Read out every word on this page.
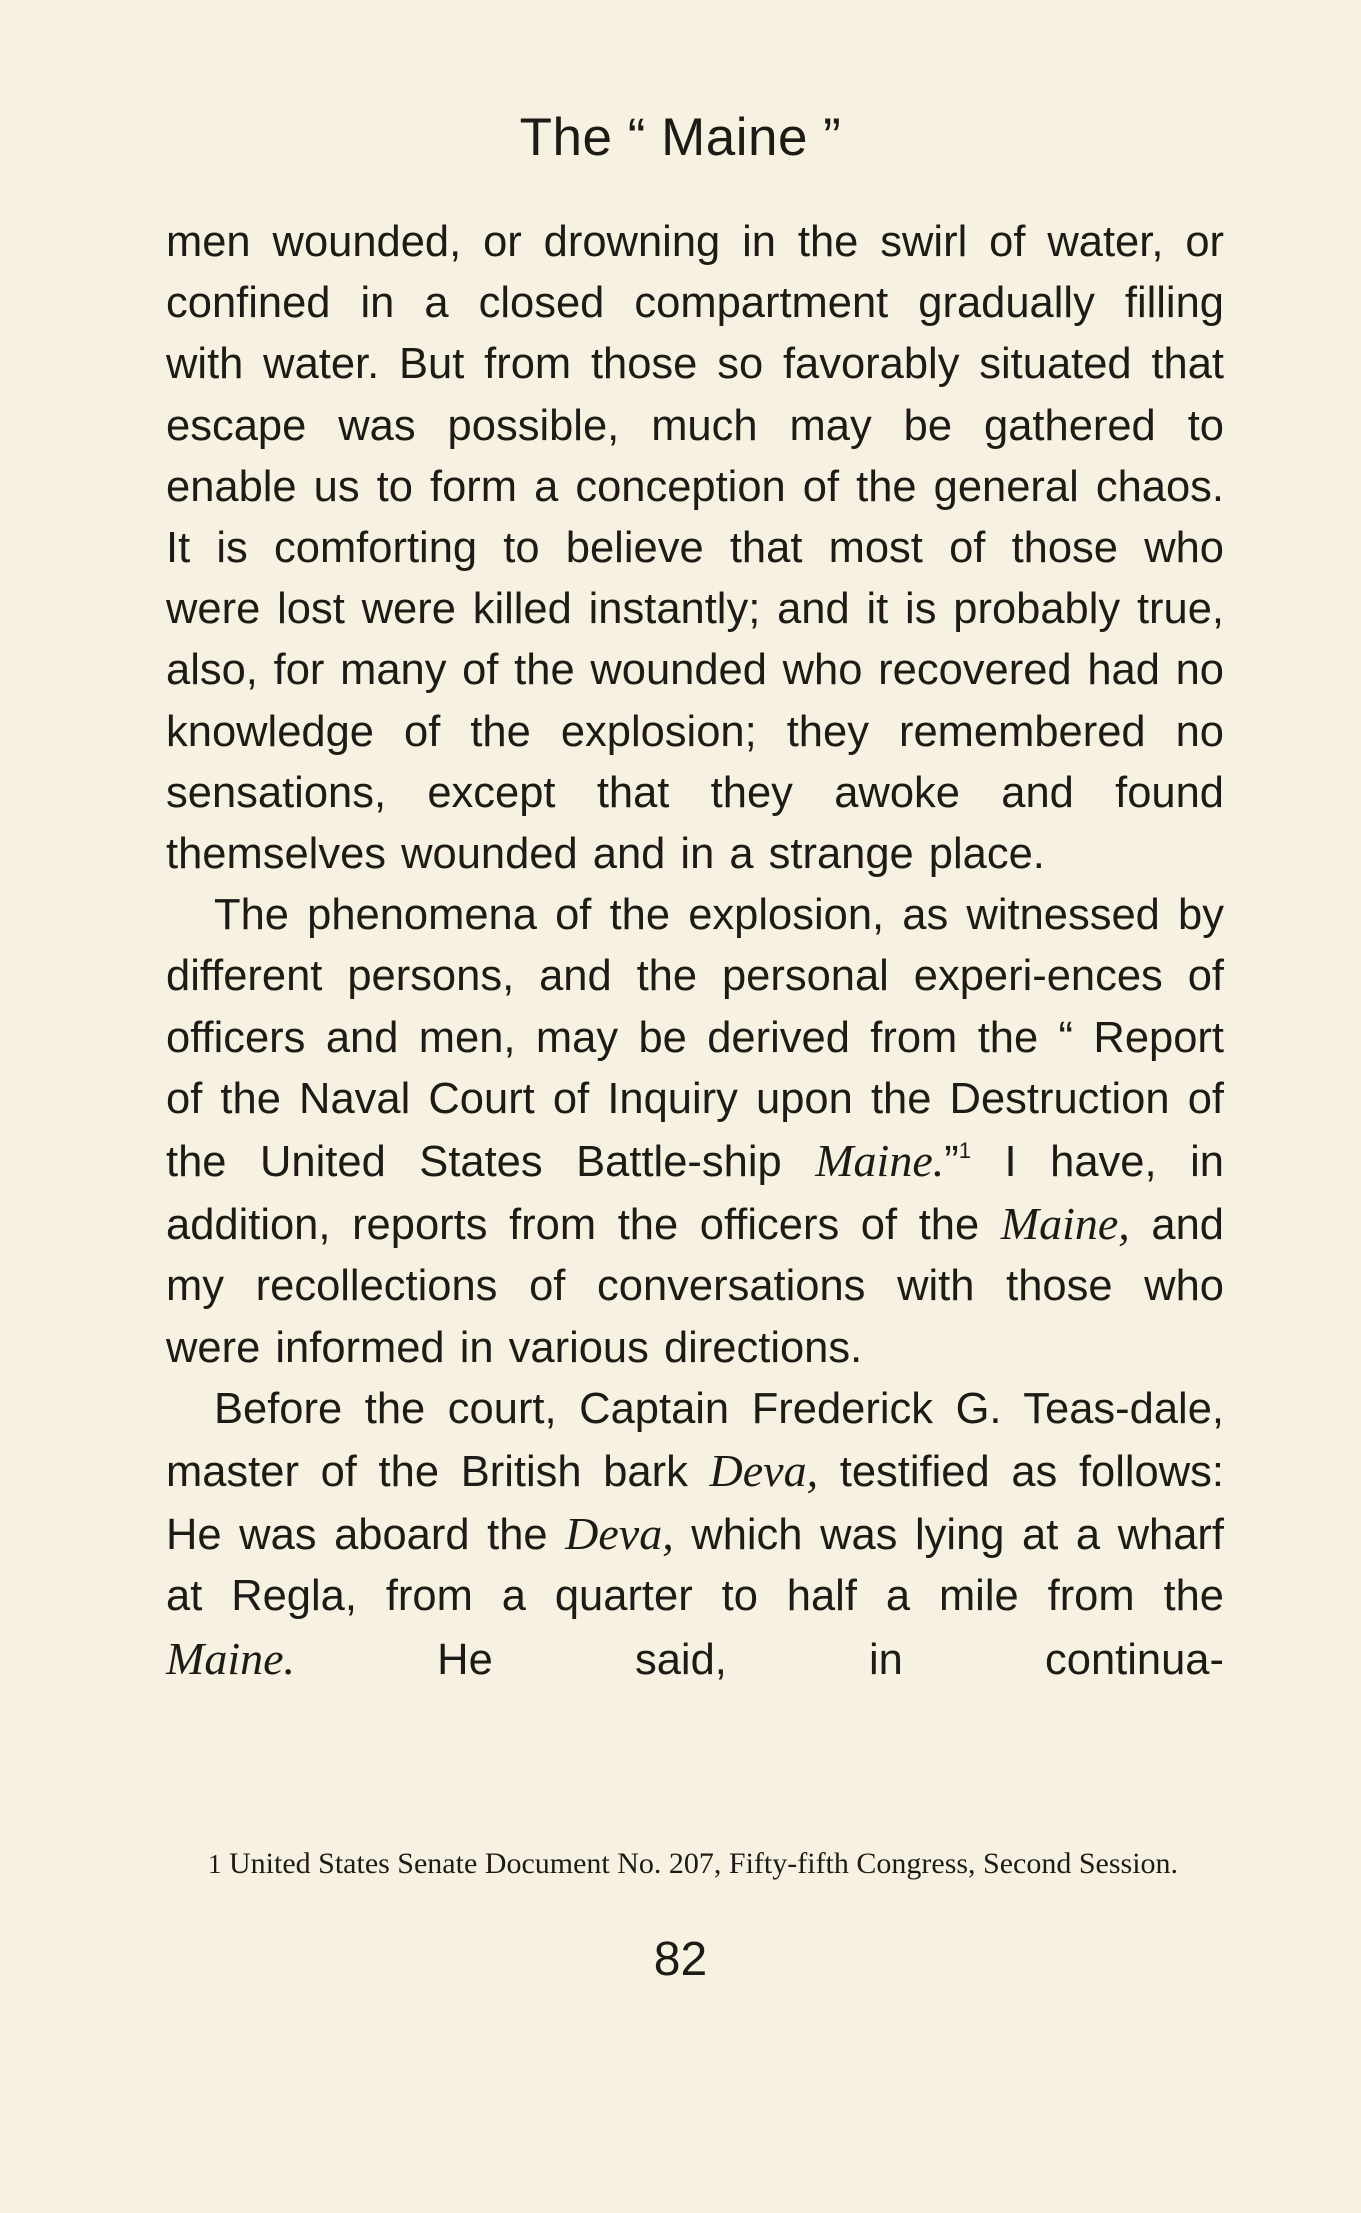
The “ Maine ”

men wounded, or drowning in the swirl of water, or confined in a closed compartment gradually filling with water. But from those so favorably situated that escape was possible, much may be gathered to enable us to form a conception of the general chaos. It is comforting to believe that most of those who were lost were killed instantly; and it is probably true, also, for many of the wounded who recovered had no knowledge of the explosion; they remembered no sensations, except that they awoke and found themselves wounded and in a strange place.

The phenomena of the explosion, as witnessed by different persons, and the personal experi-ences of officers and men, may be derived from the “ Report of the Naval Court of Inquiry upon the Destruction of the United States Battle-ship Maine.”$^1$ I have, in addition, reports from the officers of the Maine, and my recollections of conversations with those who were informed in various directions.

Before the court, Captain Frederick G. Teas-dale, master of the British bark Deva, testified as follows: He was aboard the Deva, which was lying at a wharf at Regla, from a quarter to half a mile from the Maine. He said, in continua-

1 United States Senate Document No. 207, Fifty-fifth Congress, Second Session.

82
